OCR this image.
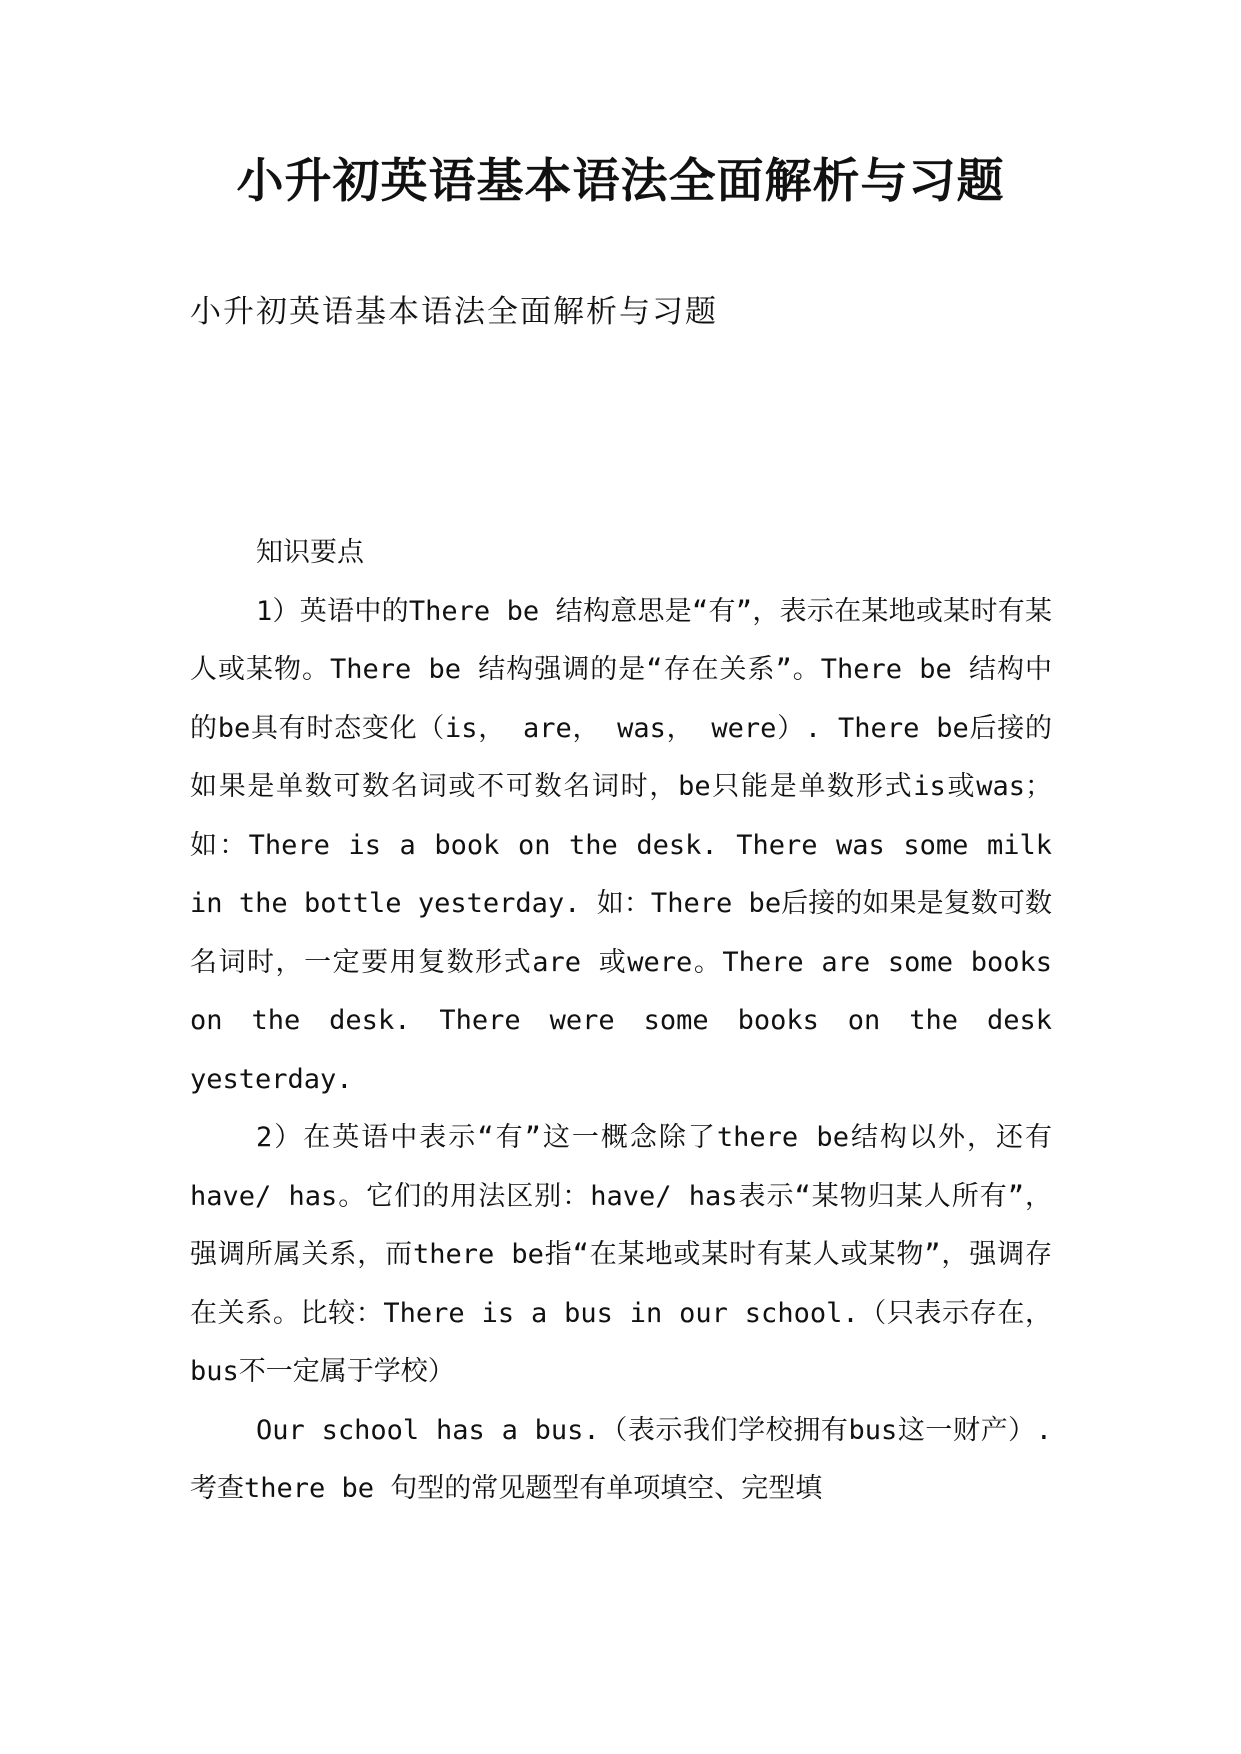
小升初英语基本语法全面解析与习题
小升初英语基本语法全面解析与习题

知识要点

1）英语中的There be 结构意思是“有”，表示在某地或某时有某人或某物。There be 结构强调的是“存在关系”。There be 结构中的be具有时态变化（is， are， was， were）. There be后接的如果是单数可数名词或不可数名词时，be只能是单数形式is或was；如：There is a book on the desk. There was some milk in the bottle yesterday. 如：There be后接的如果是复数可数名词时，一定要用复数形式are 或were。There are some books on the desk. There were some books on the desk yesterday.

2）在英语中表示“有”这一概念除了there be结构以外，还有have/ has。它们的用法区别：have/ has表示“某物归某人所有”，强调所属关系，而there be指“在某地或某时有某人或某物”，强调存在关系。比较：There is a bus in our school.（只表示存在，bus不一定属于学校）

Our school has a bus.（表示我们学校拥有bus这一财产）.考查there be 句型的常见题型有单项填空、完型填
